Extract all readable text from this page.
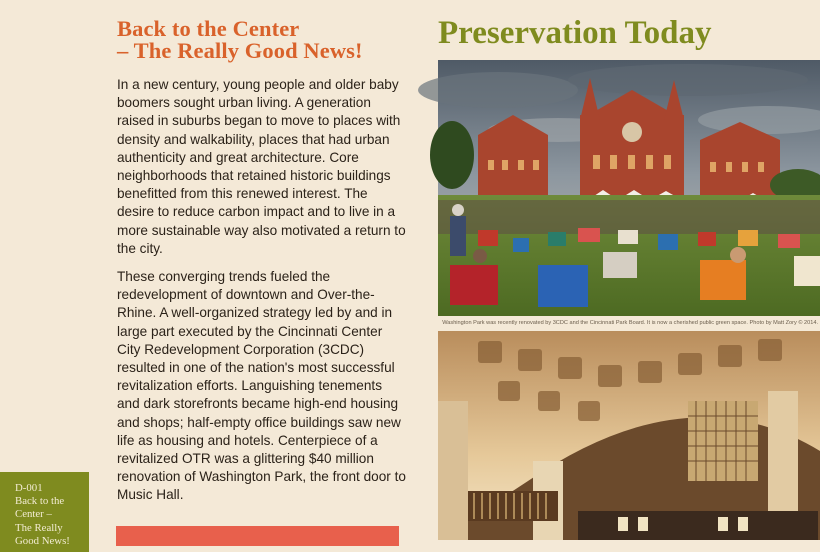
Back to the Center
– The Really Good News!

In a new century, young people and older baby boomers sought urban living. A generation raised in suburbs began to move to places with density and walkability, places that had urban authenticity and great architecture. Core neighborhoods that retained historic buildings benefitted from this renewed interest. The desire to reduce carbon impact and to live in a more sustainable way also motivated a return to the city.

These converging trends fueled the redevelopment of downtown and Over-the-Rhine. A well-organized strategy led by and in large part executed by the Cincinnati Center City Redevelopment Corporation (3CDC) resulted in one of the nation's most successful revitalization efforts. Languishing tenements and dark storefronts became high-end housing and shops; half-empty office buildings saw new life as housing and hotels. Centerpiece of a revitalized OTR was a glittering $40 million renovation of Washington Park, the front door to Music Hall.

D-001
Back to the
Center –
The Really
Good News!
Preservation Today
Washington Park was recently renovated by 3CDC and the Cincinnati Park Board. It is now a cherished public green space. Photo by Matt Zory © 2014.
